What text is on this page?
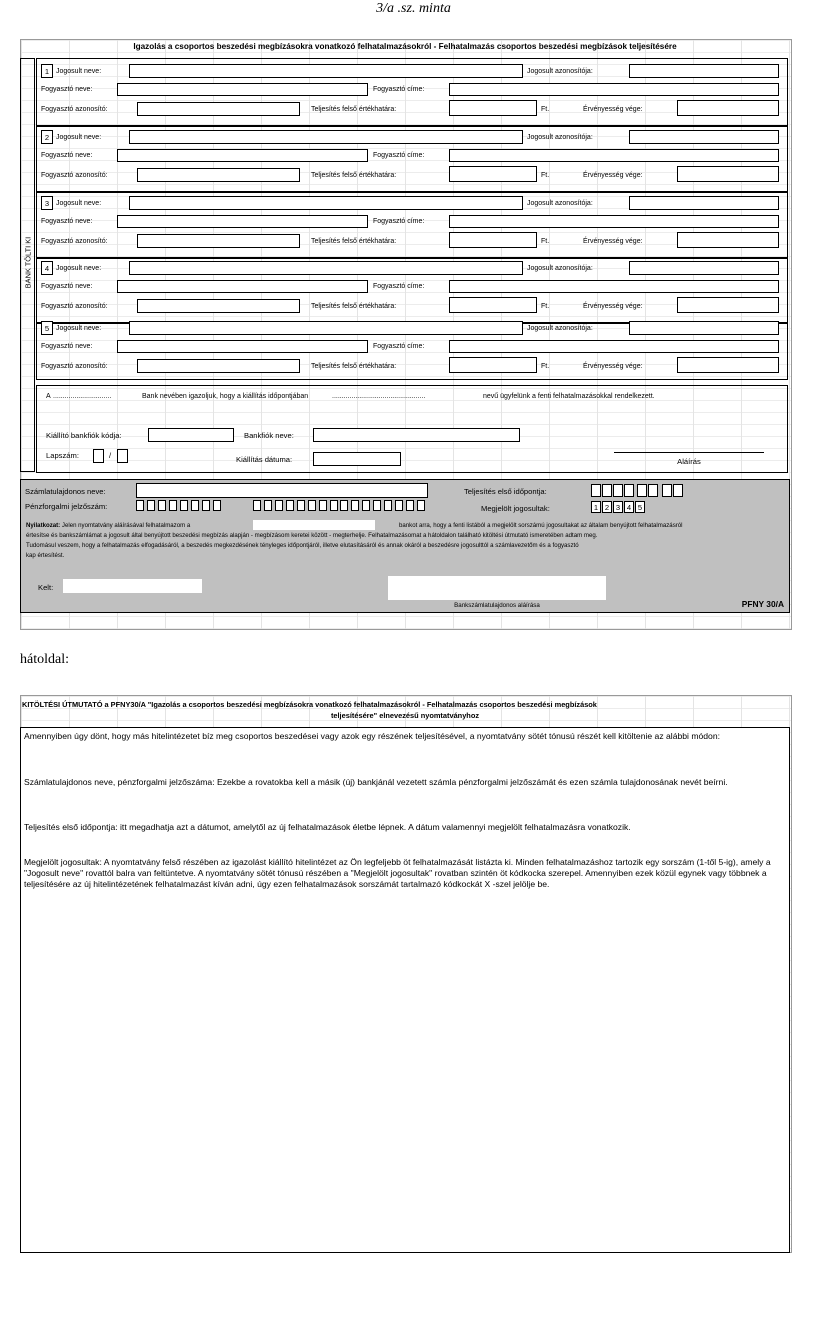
3/a .sz. minta
Igazolás a csoportos beszedési megbízásokra vonatkozó felhatalmazásokról - Felhatalmazás csoportos beszedési megbízások teljesítésére
BANK TÖLTI KI
1 Jogosult neve:	Jogosult azonosítója:
Fogyasztó neve:	Fogyasztó címe:
Fogyasztó azonosító:	Teljesítés felső értékhatára:	Ft.	Érvényesség vége:
2 Jogosult neve:	Jogosult azonosítója:
Fogyasztó neve:	Fogyasztó címe:
Fogyasztó azonosító:	Teljesítés felső értékhatára:	Ft.	Érvényesség vége:
3 Jogosult neve:	Jogosult azonosítója:
Fogyasztó neve:	Fogyasztó címe:
Fogyasztó azonosító:	Teljesítés felső értékhatára:	Ft.	Érvényesség vége:
4 Jogosult neve:	Jogosult azonosítója:
Fogyasztó neve:	Fogyasztó címe:
Fogyasztó azonosító:	Teljesítés felső értékhatára:	Ft.	Érvényesség vége:
5 Jogosult neve:	Jogosult azonosítója:
Fogyasztó neve:	Fogyasztó címe:
Fogyasztó azonosító:	Teljesítés felső értékhatára:	Ft.	Érvényesség vége:
A ..............................	Bank nevében igazoljuk, hogy a kiállítás időpontjában	................................................	nevű ügyfelünk a fenti felhatalmazásokkal rendelkezett.
Kiállító bankfiók kódja:	Bankfiók neve:
Lapszám:	/	Kiállítás dátuma:	Aláírás
Számlatulajdonos neve:
Pénzforgalmi jelzőszám:
Teljesítés első időpontja:
Megjelölt jogosultak:	1 2 3 4 5
Nyilatkozat: Jelen nyomtatvány aláírásával felhatalmazom a
értesítse és bankszámlámat a jogosult által benyújtott beszedési megbízás alapján - megbízásom keretei között - megterhelje. Felhatalmazásomat a hátoldalon található kitöltési útmutató ismeretében adtam meg.
Tudomásul veszem, hogy a felhatalmazás elfogadásáról, a beszedés megkezdésének tényleges időpontjáról, illetve elutasításáról és annak okáról a beszedésre jogosulttól a számlavezetőm és a fogyasztó
kap értesítést.
bankot arra, hogy a fenti listából a megjelölt sorszámú jogosultakat az általam benyújtott felhatalmazásról
Kelt:
Bankszámlatulajdonos aláírása	PFNY 30/A
hátoldal:
KITÖLTÉSI ÚTMUTATÓ a PFNY30/A "Igazolás a csoportos beszedési megbízásokra vonatkozó felhatalmazásokról - Felhatalmazás csoportos beszedési megbízások
teljesítésére" elnevezésű nyomtatványhoz
Amennyiben úgy dönt, hogy más hitelintézetet bíz meg csoportos beszedései vagy azok egy részének teljesítésével, a nyomtatvány sötét tónusú részét kell kitöltenie az alábbi módon:
Számlatulajdonos neve, pénzforgalmi jelzőszáma: Ezekbe a rovatokba kell a másik (új) bankjánál vezetett számla pénzforgalmi jelzőszámát és ezen számla tulajdonosának nevét beírni.
Teljesítés első időpontja: itt megadhatja azt a dátumot, amelytől az új felhatalmazások életbe lépnek. A dátum valamennyi megjelölt felhatalmazásra vonatkozik.
Megjelölt jogosultak: A nyomtatvány felső részében az igazolást kiállító hitelintézet az Ön legfeljebb öt felhatalmazását listázta ki. Minden felhatalmazáshoz tartozik egy sorszám (1-től 5-ig), amely a "Jogosult neve" rovattól balra van feltüntetve. A nyomtatvány sötét tónusú részében a "Megjelölt jogosultak" rovatban szintén öt kódkocka szerepel. Amennyiben ezek közül egynek vagy többnek a teljesítésére az új hitelintézetének felhatalmazást kíván adni, úgy ezen felhatalmazások sorszámát tartalmazó kódkockát X -szel jelölje be.
